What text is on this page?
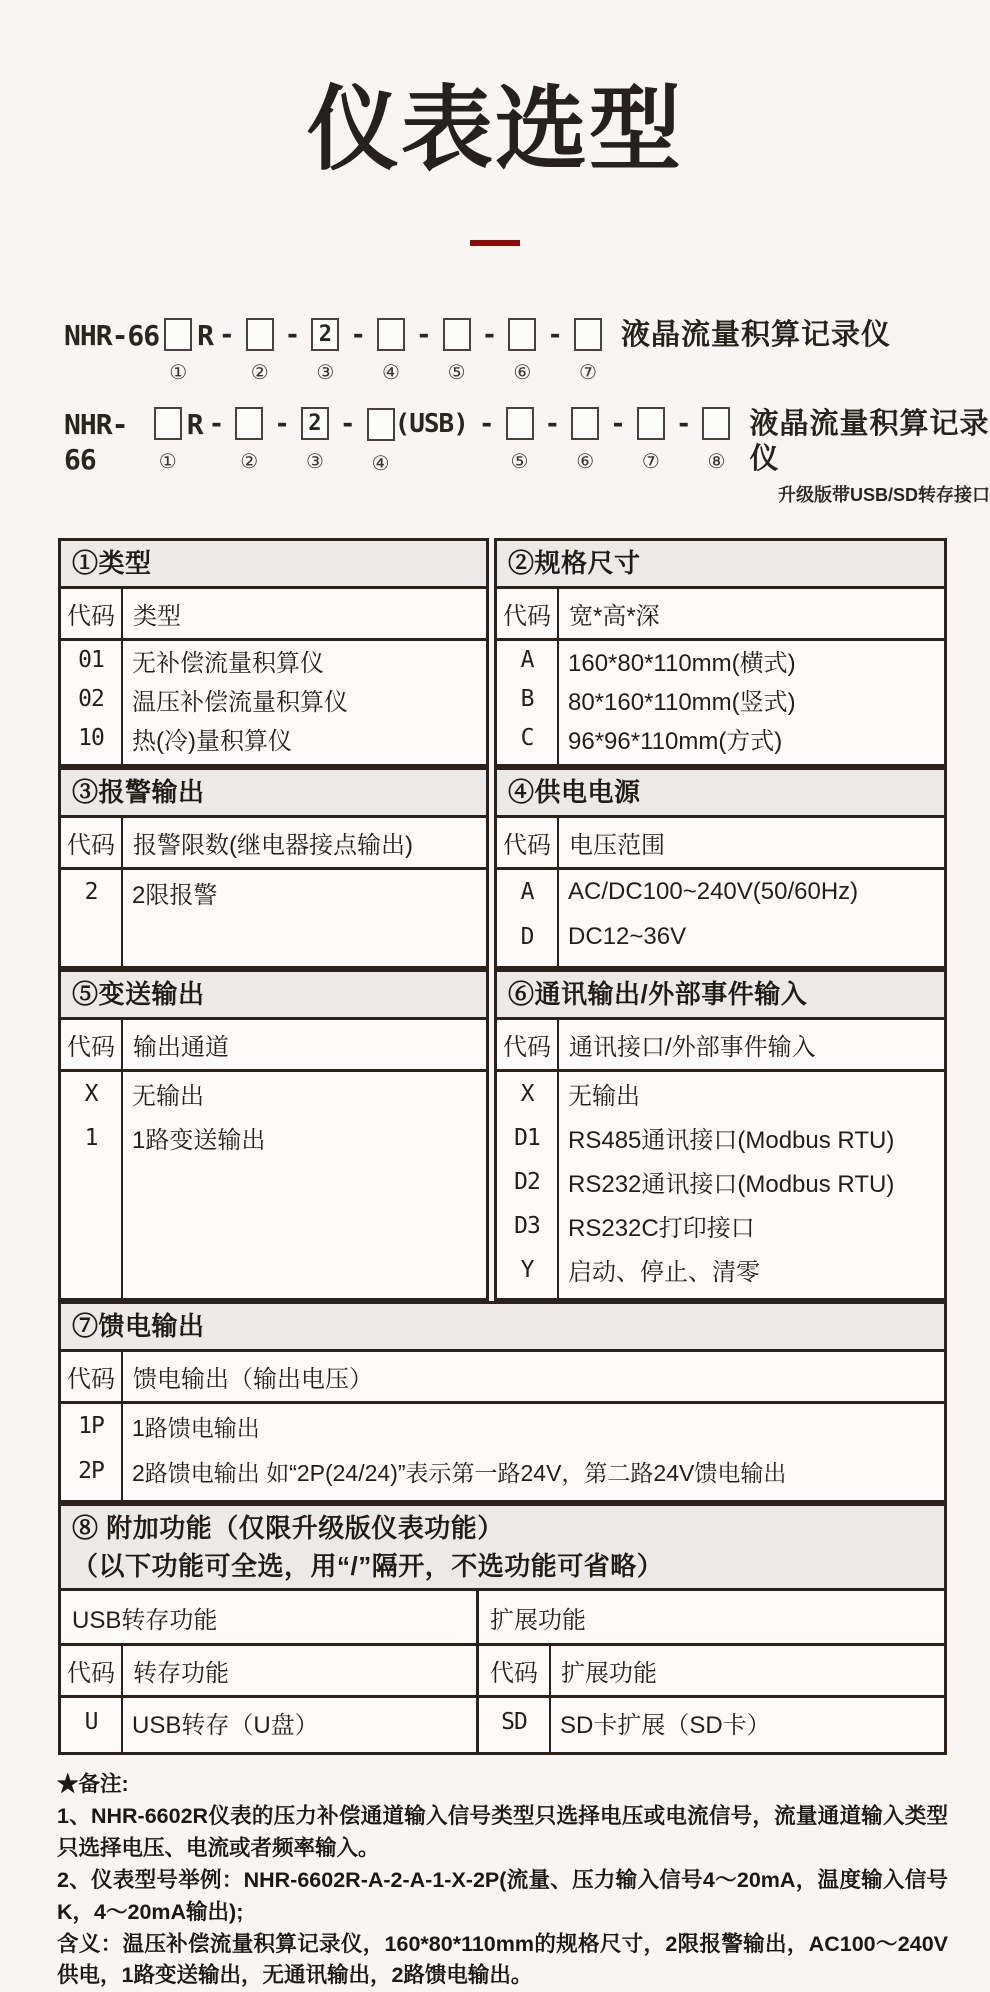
仪表选型
NHR-66
①
R -
②
- 2
③
-
④
-
⑤
-
⑥
-
⑦
液晶流量积算记录仪
NHR-66	①
R -
②
- 2
③
- (USB)
④
-
⑤
-
⑥
-
⑦
-
⑧
液晶流量积算记录仪
升级版带USB/SD转存接口
①类型
代码 类型
01	无补偿流量积算仪
02	温压补偿流量积算仪
10	热(冷)量积算仪
②规格尺寸
代码 宽*高*深
A	160*80*110mm(横式)
B	80*160*110mm(竖式)
C	96*96*110mm(方式)
③报警输出
代码 报警限数(继电器接点输出)
2	2限报警
④供电电源
代码 电压范围
A	AC/DC100~240V(50/60Hz)
D	DC12~36V
⑤变送输出
代码 输出通道
X	无输出
1	1路变送输出
⑥通讯输出/外部事件输入
代码 通讯接口/外部事件输入
X	无输出
D1	RS485通讯接口(Modbus RTU)
D2	RS232通讯接口(Modbus RTU)
D3	RS232C打印接口
Y	启动、停止、清零
⑦馈电输出
代码 馈电输出（输出电压）
1P	1路馈电输出
2P	2路馈电输出 如“2P(24/24)”表示第一路24V，第二路24V馈电输出
⑧ 附加功能（仅限升级版仪表功能）
（以下功能可全选，用“/”隔开，不选功能可省略）
USB转存功能
代码 转存功能
U	USB转存（U盘）
扩展功能
代码 扩展功能
SD	SD卡扩展（SD卡）

★备注:

1、NHR-6602R仪表的压力补偿通道输入信号类型只选择电压或电流信号，流量通道输入类型只选择电压、电流或者频率输入。

2、仪表型号举例：NHR-6602R-A-2-A-1-X-2P(流量、压力输入信号4～20mA，温度输入信号K，4～20mA输出);

含义：温压补偿流量积算记录仪，160*80*110mm的规格尺寸，2限报警输出，AC100～240V供电，1路变送输出，无通讯输出，2路馈电输出。
